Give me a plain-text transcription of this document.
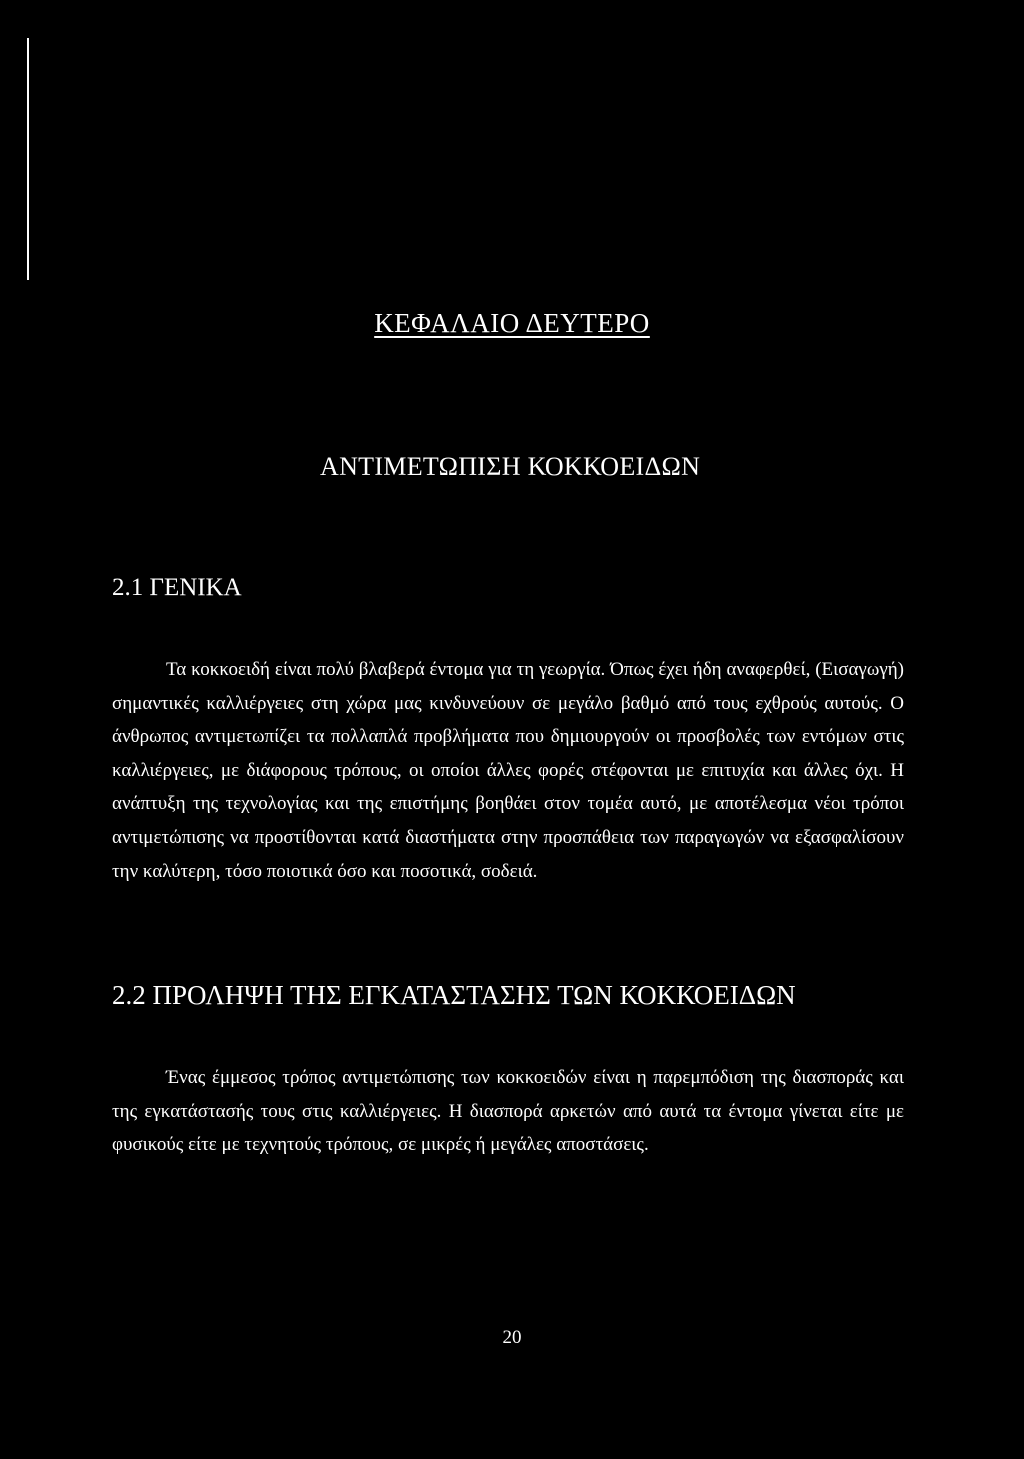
ΚΕΦΑΛΑΙΟ ΔΕΥΤΕΡΟ
ΑΝΤΙΜΕΤΩΠΙΣΗ ΚΟΚΚΟΕΙΔΩΝ
2.1 ΓΕΝΙΚΑ
Τα κοκκοειδή είναι πολύ βλαβερά έντομα για τη γεωργία. Όπως έχει ήδη αναφερθεί, (Εισαγωγή) σημαντικές καλλιέργειες στη χώρα μας κινδυνεύουν σε μεγάλο βαθμό από τους εχθρούς αυτούς. Ο άνθρωπος αντιμετωπίζει τα πολλαπλά προβλήματα που δημιουργούν οι προσβολές των εντόμων στις καλλιέργειες, με διάφορους τρόπους, οι οποίοι άλλες φορές στέφονται με επιτυχία και άλλες όχι. Η ανάπτυξη της τεχνολογίας και της επιστήμης βοηθάει στον τομέα αυτό, με αποτέλεσμα νέοι τρόποι αντιμετώπισης να προστίθονται κατά διαστήματα στην προσπάθεια των παραγωγών να εξασφαλίσουν την καλύτερη, τόσο ποιοτικά όσο και ποσοτικά, σοδειά.
2.2 ΠΡΟΛΗΨΗ ΤΗΣ ΕΓΚΑΤΑΣΤΑΣΗΣ ΤΩΝ ΚΟΚΚΟΕΙΔΩΝ
Ένας έμμεσος τρόπος αντιμετώπισης των κοκκοειδών είναι η παρεμπόδιση της διασποράς και της εγκατάστασής τους στις καλλιέργειες. Η διασπορά αρκετών από αυτά τα έντομα γίνεται είτε με φυσικούς είτε με τεχνητούς τρόπους, σε μικρές ή μεγάλες αποστάσεις.
20
